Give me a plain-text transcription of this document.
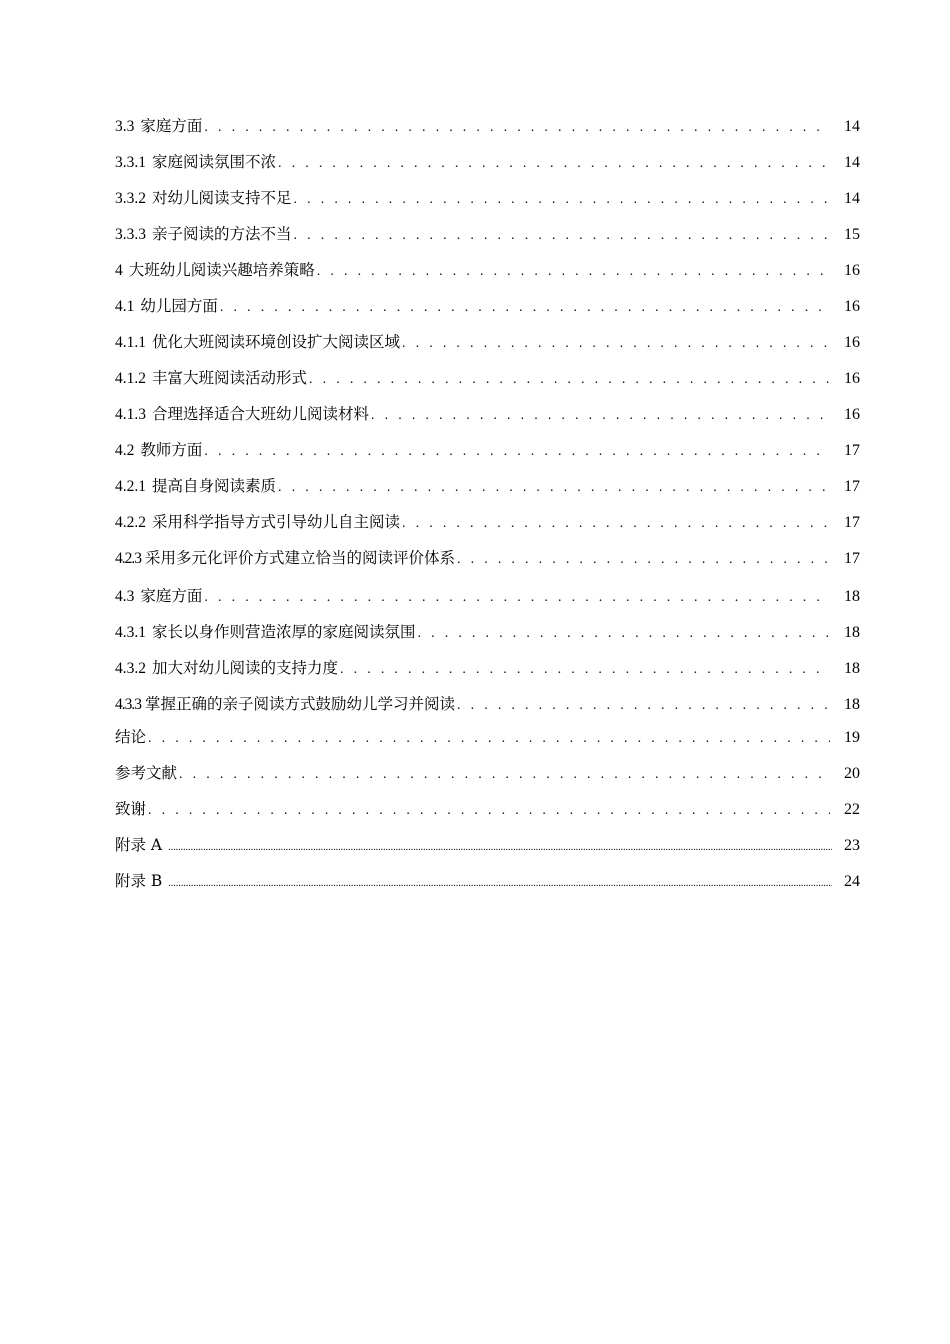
3.3 家庭方面 . . .	14
3.3.1 家庭阅读氛围不浓 . . .	14
3.3.2 对幼儿阅读支持不足 . . .	14
3.3.3 亲子阅读的方法不当 . . .	15
4 大班幼儿阅读兴趣培养策略 . . .	16
4.1 幼儿园方面 . . .	16
4.1.1 优化大班阅读环境创设扩大阅读区域 . . .	16
4.1.2 丰富大班阅读活动形式 . . .	16
4.1.3 合理选择适合大班幼儿阅读材料 . . .	16
4.2 教师方面 . . .	17
4.2.1 提高自身阅读素质 . . .	17
4.2.2 采用科学指导方式引导幼儿自主阅读 . . .	17
4.2.3 采用多元化评价方式建立恰当的阅读评价体系 . . .	17
4.3 家庭方面 . . .	18
4.3.1 家长以身作则营造浓厚的家庭阅读氛围 . . .	18
4.3.2 加大对幼儿阅读的支持力度 . . .	18
4.3.3 掌握正确的亲子阅读方式鼓励幼儿学习并阅读 . . .	18
结论 . . .	19
参考文献 . . .	20
致谢 . . .	22
附录 A .....	23
附录 B .....	24
